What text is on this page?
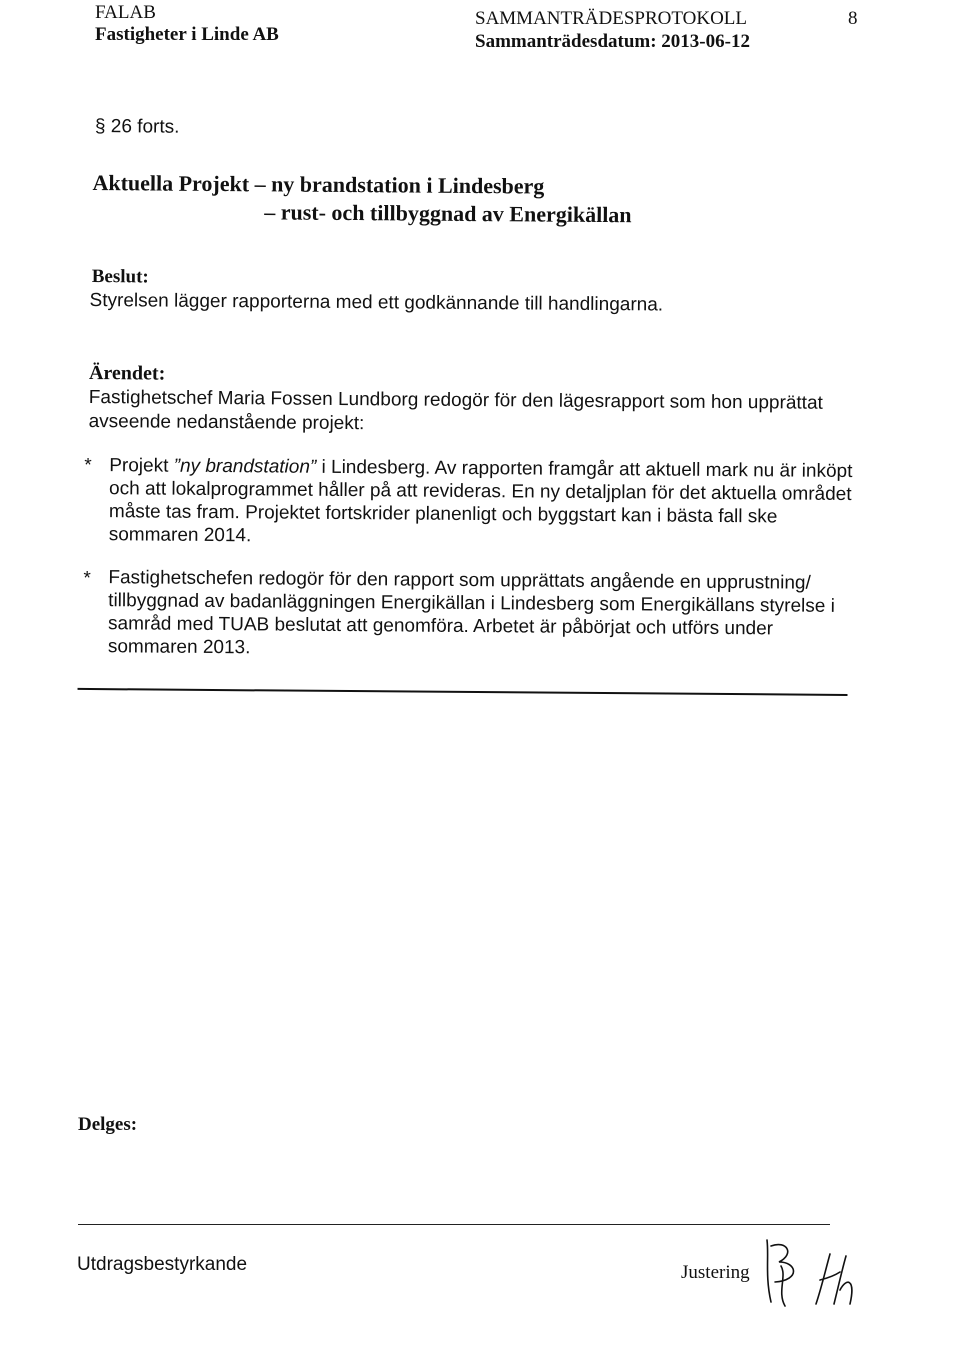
FALAB
Fastigheter i Linde AB
SAMMANTRÄDESPROTOKOLL
Sammanträdesdatum: 2013-06-12
8
§ 26 forts.
Aktuella Projekt – ny brandstation i Lindesberg
– rust- och tillbyggnad av Energikällan
Beslut:
Styrelsen lägger rapporterna med ett godkännande till handlingarna.
Ärendet:
Fastighetschef Maria Fossen Lundborg redogör för den lägesrapport som hon upprättat avseende nedanstående projekt:
* Projekt ”ny brandstation” i Lindesberg. Av rapporten framgår att aktuell mark nu är inköpt och att lokalprogrammet håller på att revideras. En ny detaljplan för det aktuella området måste tas fram. Projektet fortskrider planenligt och byggstart kan i bästa fall ske sommaren 2014.
* Fastighetschefen redogör för den rapport som upprättats angående en upprustning/ tillbyggnad av badanläggningen Energikällan i Lindesberg som Energikällans styrelse i samråd med TUAB beslutat att genomföra. Arbetet är påbörjat och utförs under sommaren 2013.
Delges:
Utdragsbestyrkande	Justering
